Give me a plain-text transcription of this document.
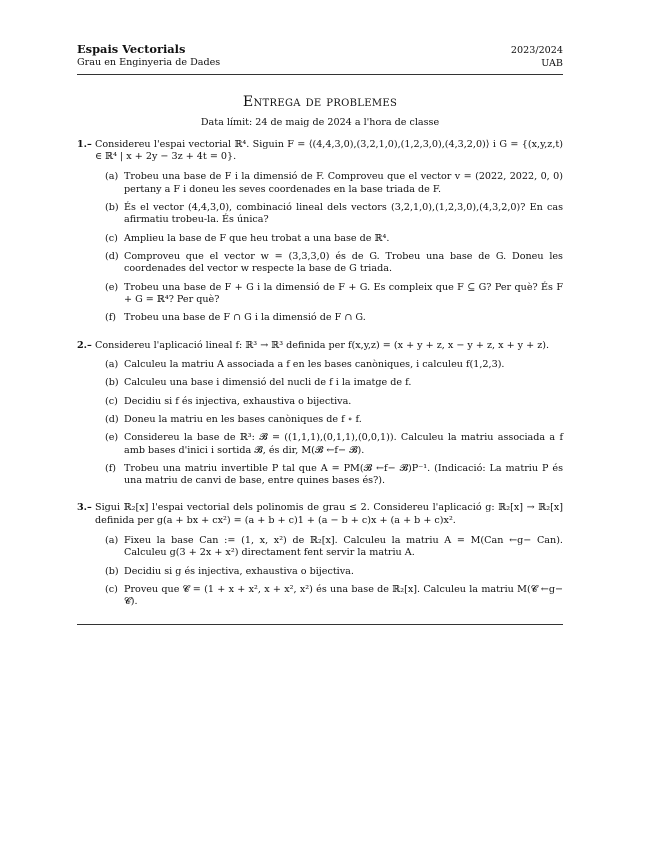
Espais Vectorials
Grau en Enginyeria de Dades
2023/2024
UAB
Entrega de problemes
Data límit: 24 de maig de 2024 a l'hora de classe
1.– Considereu l'espai vectorial ℝ⁴. Siguin F = ⟨(4,4,3,0),(3,2,1,0),(1,2,3,0),(4,3,2,0)⟩ i G = {(x,y,z,t) ∈ ℝ⁴ | x + 2y − 3z + 4t = 0}.
(a) Trobeu una base de F i la dimensió de F. Comproveu que el vector v = (2022, 2022, 0, 0) pertany a F i doneu les seves coordenades en la base triada de F.
(b) És el vector (4,4,3,0), combinació lineal dels vectors (3,2,1,0),(1,2,3,0),(4,3,2,0)? En cas afirmatiu trobeu-la. És única?
(c) Amplieu la base de F que heu trobat a una base de ℝ⁴.
(d) Comproveu que el vector w = (3,3,3,0) és de G. Trobeu una base de G. Doneu les coordenades del vector w respecte la base de G triada.
(e) Trobeu una base de F + G i la dimensió de F + G. Es compleix que F ⊆ G? Per què? És F + G = ℝ⁴? Per què?
(f) Trobeu una base de F ∩ G i la dimensió de F ∩ G.
2.– Considereu l'aplicació lineal f: ℝ³ → ℝ³ definida per f(x,y,z) = (x + y + z, x − y + z, x + y + z).
(a) Calculeu la matriu A associada a f en les bases canòniques, i calculeu f(1,2,3).
(b) Calculeu una base i dimensió del nucli de f i la imatge de f.
(c) Decidiu si f és injectiva, exhaustiva o bijectiva.
(d) Doneu la matriu en les bases canòniques de f ∘ f.
(e) Considereu la base de ℝ³: 𝓑 = ((1,1,1),(0,1,1),(0,0,1)). Calculeu la matriu associada a f amb bases d'inici i sortida 𝓑, és dir, M(𝓑 ←f− 𝓑).
(f) Trobeu una matriu invertible P tal que A = PM(𝓑 ←f− 𝓑)P⁻¹. (Indicació: La matriu P és una matriu de canvi de base, entre quines bases és?).
3.– Sigui ℝ₂[x] l'espai vectorial dels polinomis de grau ≤ 2. Considereu l'aplicació g: ℝ₂[x] → ℝ₂[x] definida per g(a + bx + cx²) = (a + b + c)1 + (a − b + c)x + (a + b + c)x².
(a) Fixeu la base Can := (1, x, x²) de ℝ₂[x]. Calculeu la matriu A = M(Can ←g− Can). Calculeu g(3 + 2x + x²) directament fent servir la matriu A.
(b) Decidiu si g és injectiva, exhaustiva o bijectiva.
(c) Proveu que 𝓒 = (1 + x + x², x + x², x²) és una base de ℝ₂[x]. Calculeu la matriu M(𝓒 ←g− 𝓒).
